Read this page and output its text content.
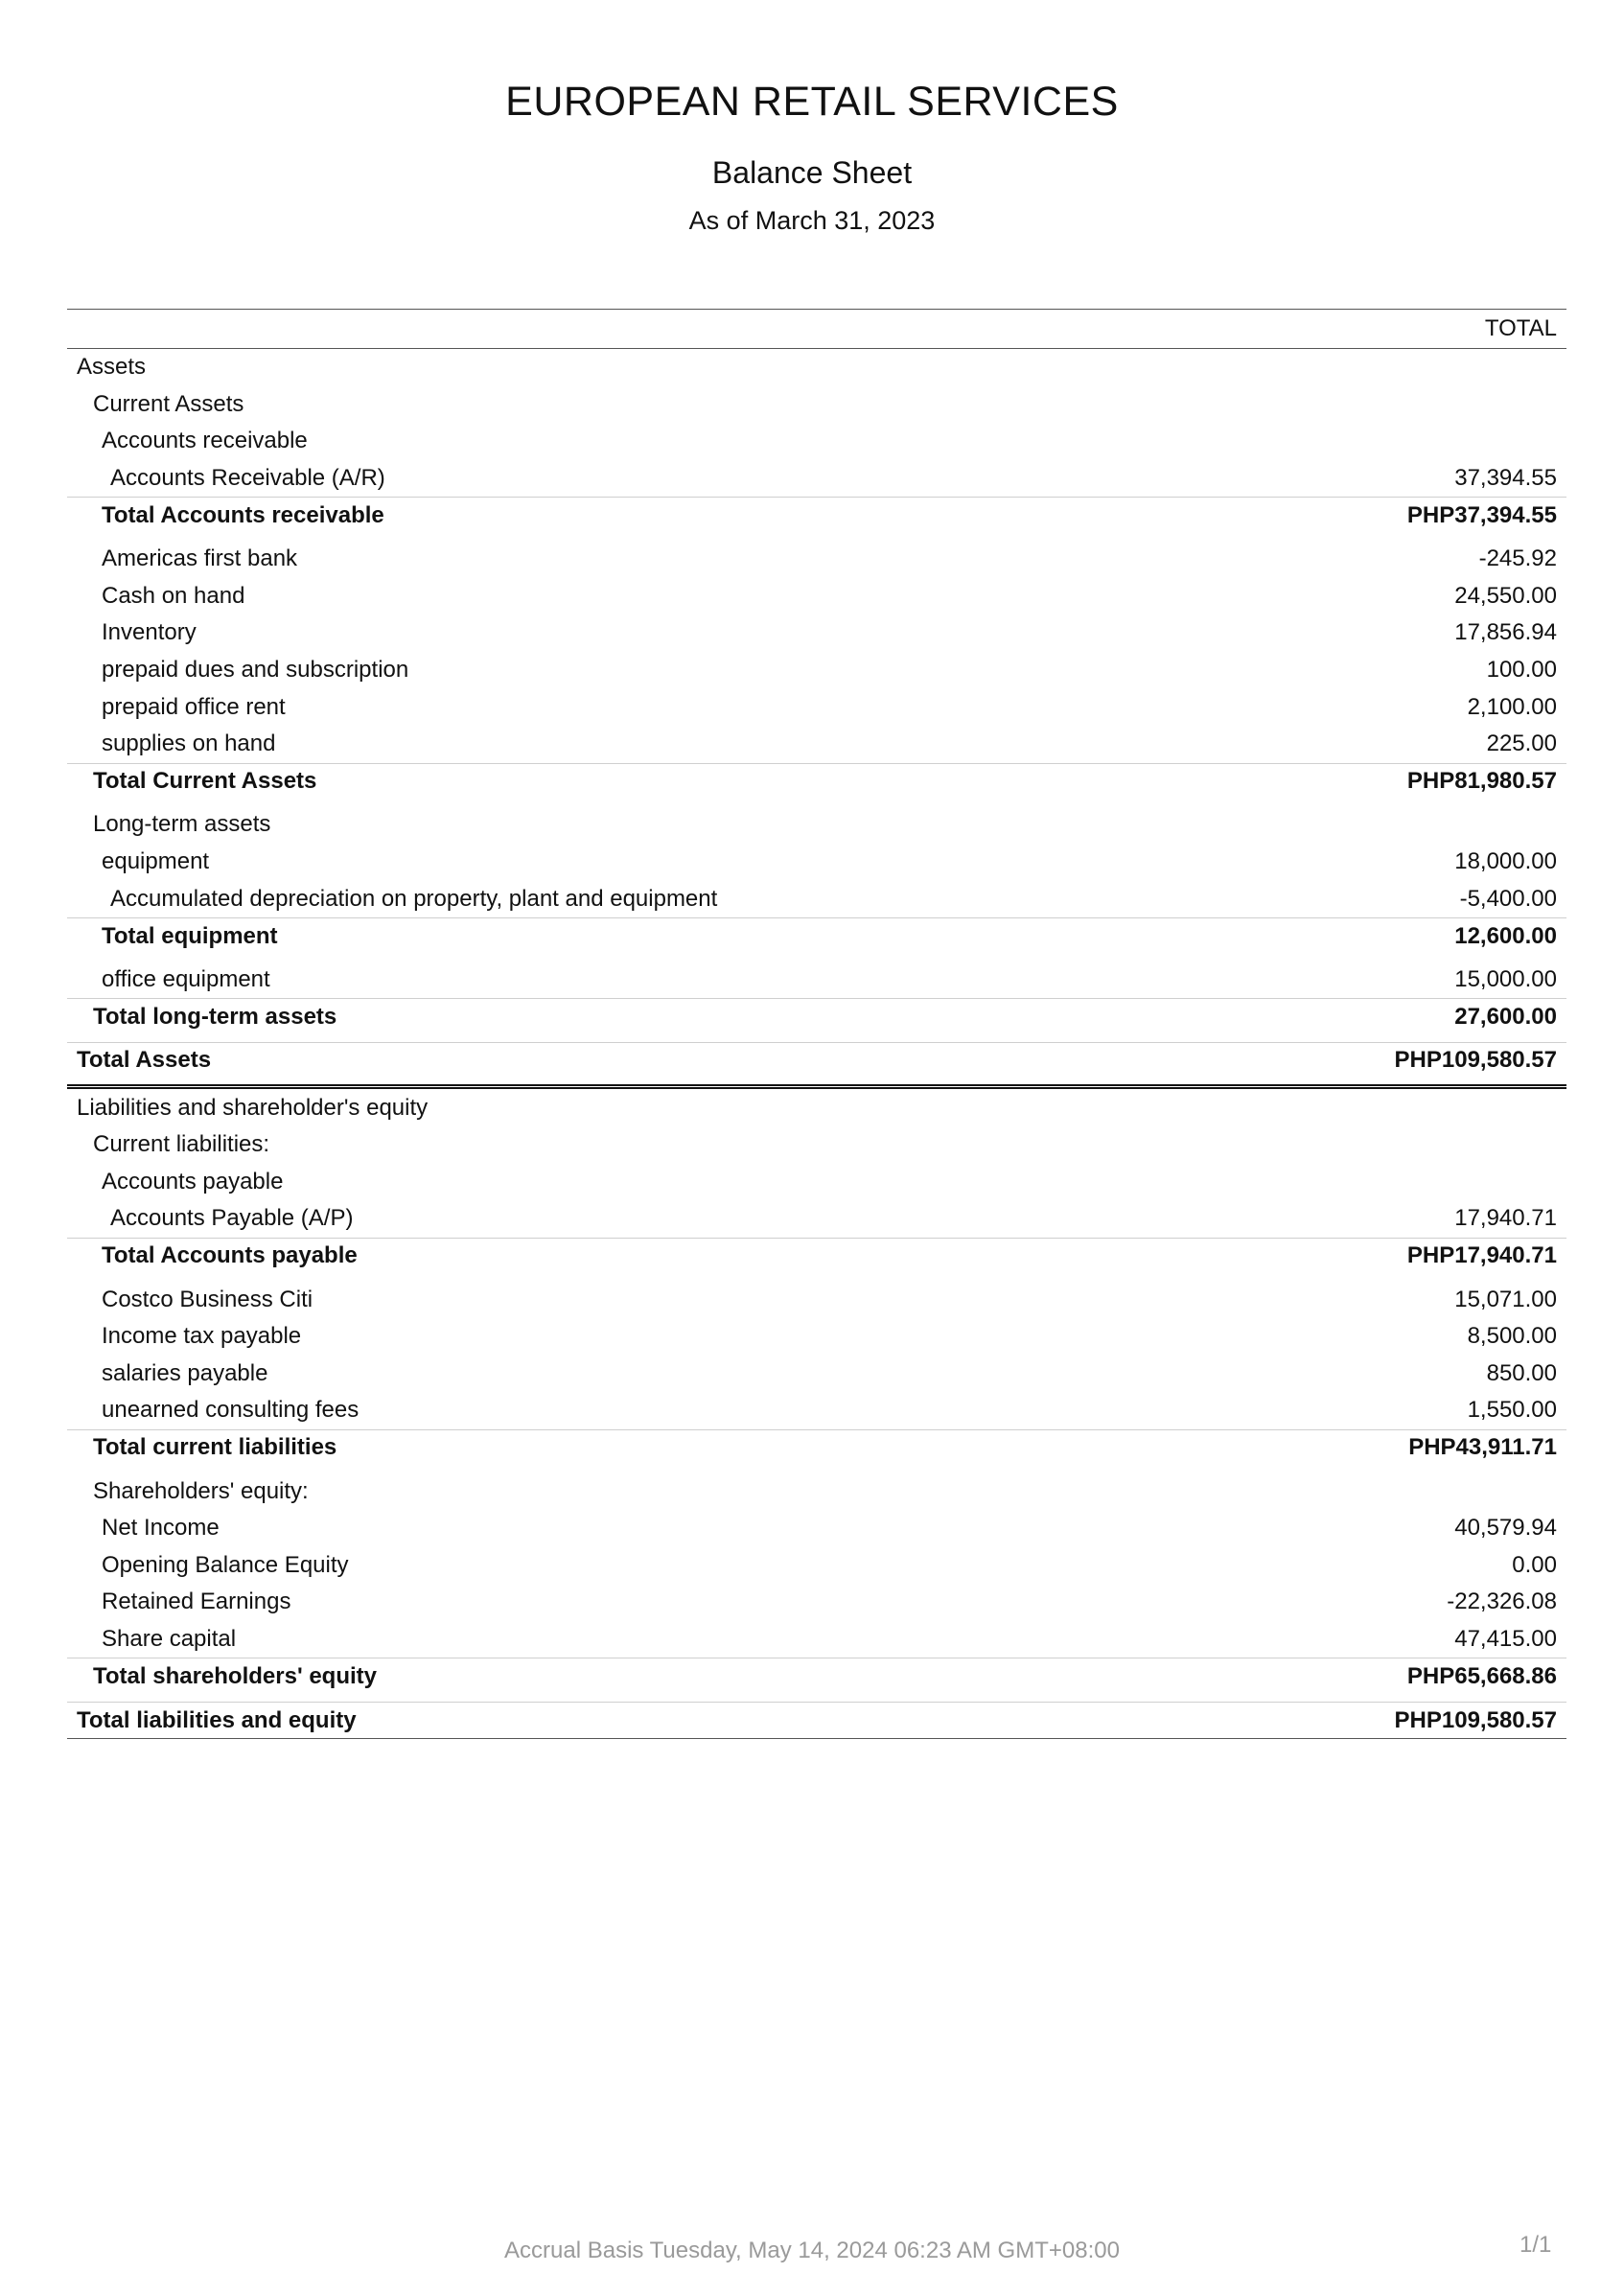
EUROPEAN RETAIL SERVICES
Balance Sheet
As of March 31, 2023
TOTAL
Assets
Current Assets
Accounts receivable
Accounts Receivable (A/R)	37,394.55
Total Accounts receivable	PHP37,394.55
Americas first bank	-245.92
Cash on hand	24,550.00
Inventory	17,856.94
prepaid dues and subscription	100.00
prepaid office rent	2,100.00
supplies on hand	225.00
Total Current Assets	PHP81,980.57
Long-term assets
equipment	18,000.00
Accumulated depreciation on property, plant and equipment	-5,400.00
Total equipment	12,600.00
office equipment	15,000.00
Total long-term assets	27,600.00
Total Assets	PHP109,580.57
Liabilities and shareholder's equity
Current liabilities:
Accounts payable
Accounts Payable (A/P)	17,940.71
Total Accounts payable	PHP17,940.71
Costco Business Citi	15,071.00
Income tax payable	8,500.00
salaries payable	850.00
unearned consulting fees	1,550.00
Total current liabilities	PHP43,911.71
Shareholders' equity:
Net Income	40,579.94
Opening Balance Equity	0.00
Retained Earnings	-22,326.08
Share capital	47,415.00
Total shareholders' equity	PHP65,668.86
Total liabilities and equity	PHP109,580.57
Accrual Basis Tuesday, May 14, 2024 06:23 AM GMT+08:00	1/1
